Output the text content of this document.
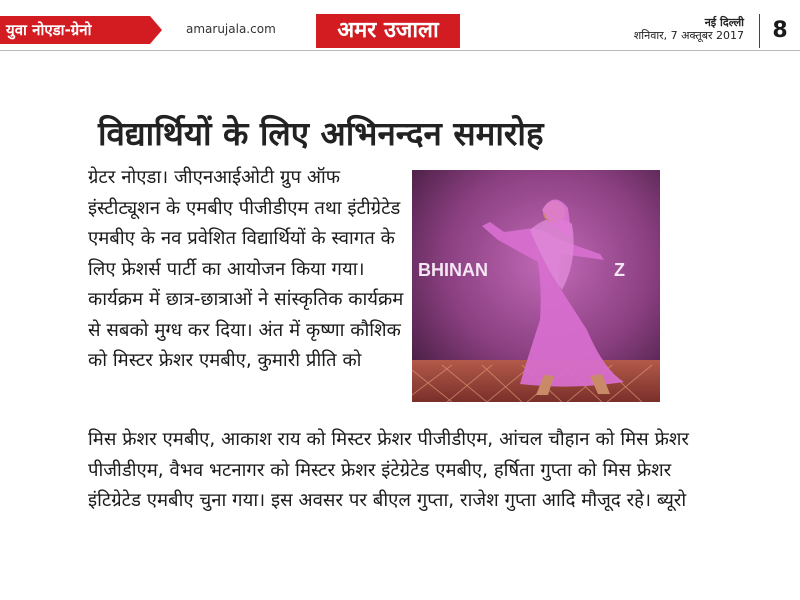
युवा नोएडा-ग्रेनो	amarujala.com	अमर उजाला	नई दिल्ली
शनिवार, 7 अक्तूबर 2017	8
विद्यार्थियों के लिए अभिनन्दन समारोह
ग्रेटर नोएडा। जीएनआईओटी ग्रुप ऑफ इंस्टीट्यूशन के एमबीए पीजीडीएम तथा इंटीग्रेटेड एमबीए के नव प्रवेशित विद्यार्थियों के स्वागत के लिए फ्रेशर्स पार्टी का आयोजन किया गया। कार्यक्रम में छात्र-छात्राओं ने सांस्कृतिक कार्यक्रम से सबको मुग्ध कर दिया। अंत में कृष्णा कौशिक को मिस्टर फ्रेशर एमबीए, कुमारी प्रीति को
BHINAN	Z
मिस फ्रेशर एमबीए, आकाश राय को मिस्टर फ्रेशर पीजीडीएम, आंचल चौहान को मिस फ्रेशर पीजीडीएम, वैभव भटनागर को मिस्टर फ्रेशर इंटेग्रेटेड एमबीए, हर्षिता गुप्ता को मिस फ्रेशर इंटिग्रेटेड एमबीए चुना गया। इस अवसर पर बीएल गुप्ता, राजेश गुप्ता आदि मौजूद रहे। ब्यूरो
